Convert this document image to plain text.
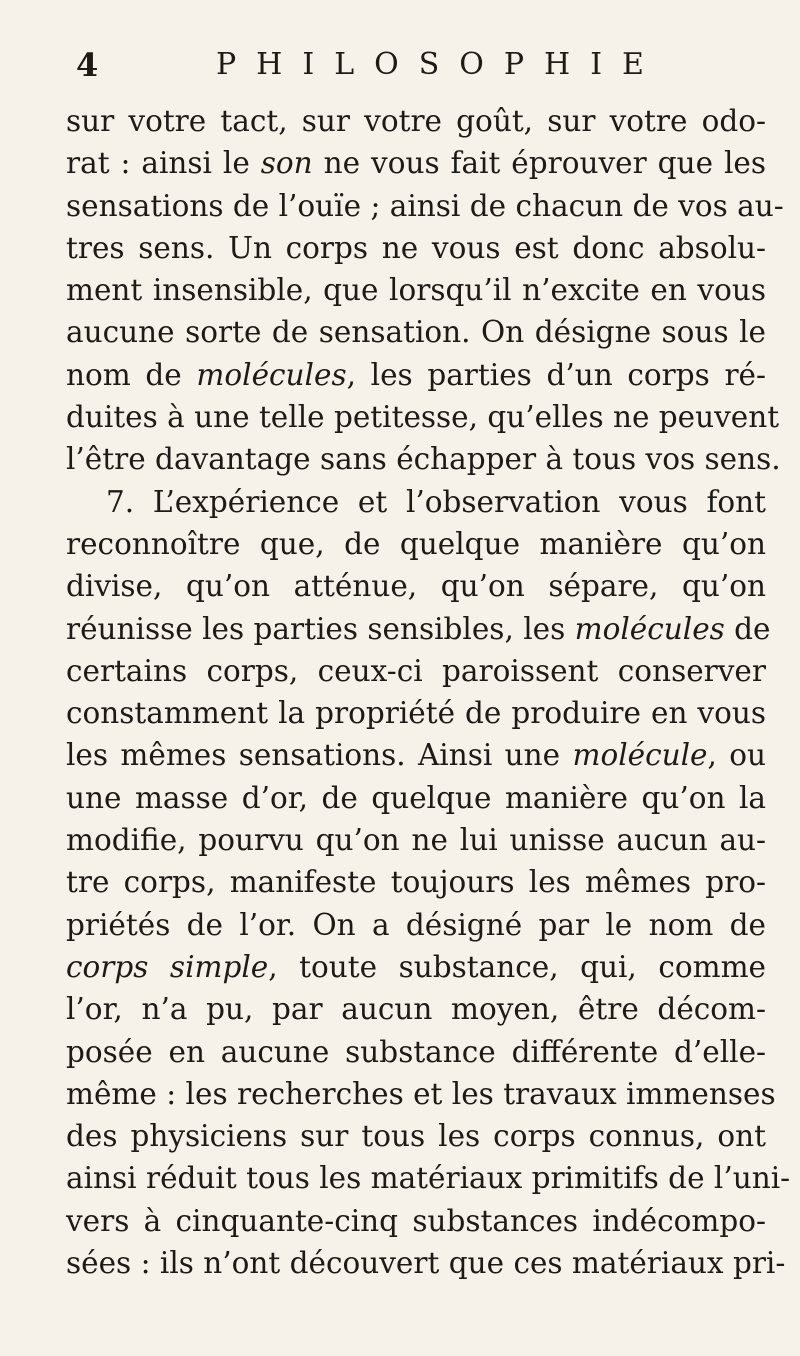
4	PHILOSOPHIE
sur votre tact, sur votre goût, sur votre odo-
rat : ainsi le son ne vous fait éprouver que les
sensations de l’ouïe ; ainsi de chacun de vos au-
tres sens. Un corps ne vous est donc absolu-
ment insensible, que lorsqu’il n’excite en vous
aucune sorte de sensation. On désigne sous le
nom de molécules, les parties d’un corps ré-
duites à une telle petitesse, qu’elles ne peuvent
l’être davantage sans échapper à tous vos sens.
7. L’expérience et l’observation vous font
reconnoître que, de quelque manière qu’on
divise, qu’on atténue, qu’on sépare, qu’on
réunisse les parties sensibles, les molécules de
certains corps, ceux-ci paroissent conserver
constamment la propriété de produire en vous
les mêmes sensations. Ainsi une molécule, ou
une masse d’or, de quelque manière qu’on la
modifie, pourvu qu’on ne lui unisse aucun au-
tre corps, manifeste toujours les mêmes pro-
priétés de l’or. On a désigné par le nom de
corps simple, toute substance, qui, comme
l’or, n’a pu, par aucun moyen, être décom-
posée en aucune substance différente d’elle-
même : les recherches et les travaux immenses
des physiciens sur tous les corps connus, ont
ainsi réduit tous les matériaux primitifs de l’uni-
vers à cinquante-cinq substances indécompo-
sées : ils n’ont découvert que ces matériaux pri-
